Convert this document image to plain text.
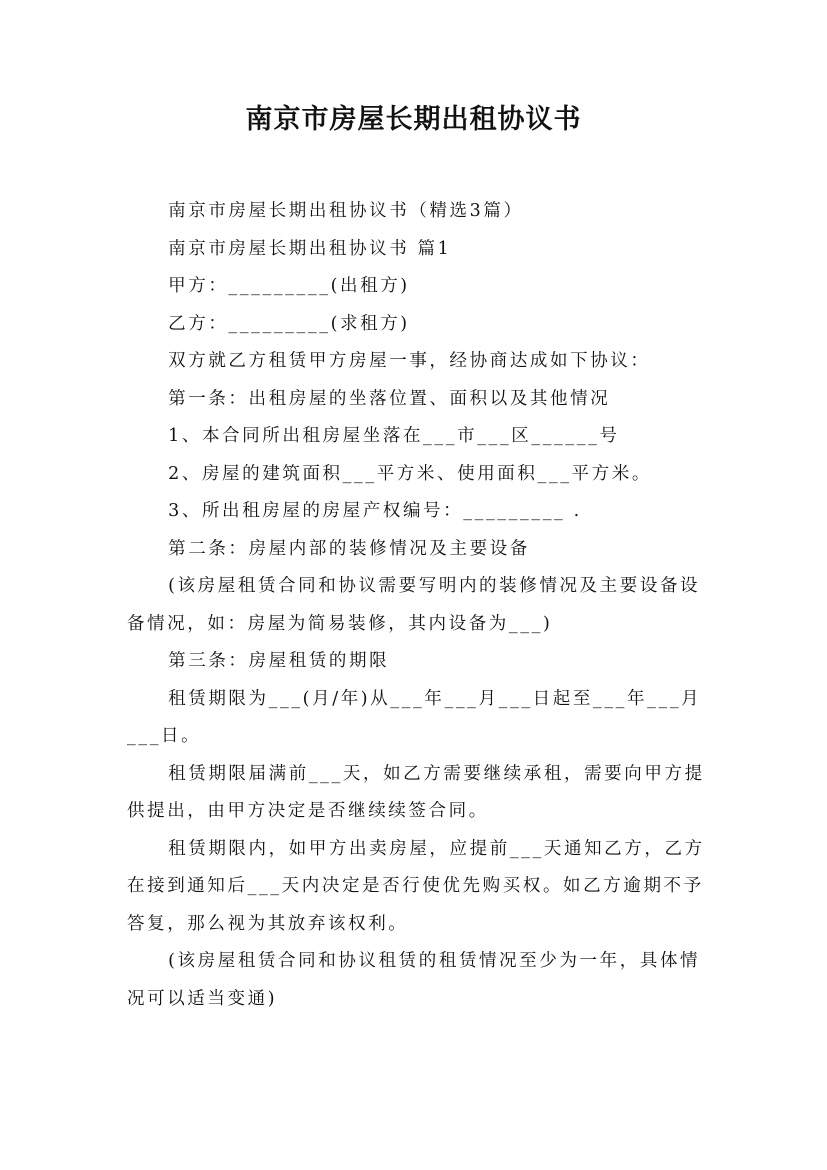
南京市房屋长期出租协议书

南京市房屋长期出租协议书（精选3篇）

南京市房屋长期出租协议书 篇1

甲方：_________(出租方)

乙方：_________(求租方)

双方就乙方租赁甲方房屋一事，经协商达成如下协议：

第一条：出租房屋的坐落位置、面积以及其他情况

1、本合同所出租房屋坐落在___市___区______号

2、房屋的建筑面积___平方米、使用面积___平方米。

3、所出租房屋的房屋产权编号：_________ .

第二条：房屋内部的装修情况及主要设备

(该房屋租赁合同和协议需要写明内的装修情况及主要设备设备情况，如：房屋为简易装修，其内设备为___)

第三条：房屋租赁的期限

租赁期限为___(月/年)从___年___月___日起至___年___月___日。

租赁期限届满前___天，如乙方需要继续承租，需要向甲方提供提出，由甲方决定是否继续续签合同。

租赁期限内，如甲方出卖房屋，应提前___天通知乙方，乙方在接到通知后___天内决定是否行使优先购买权。如乙方逾期不予答复，那么视为其放弃该权利。

(该房屋租赁合同和协议租赁的租赁情况至少为一年，具体情况可以适当变通)
